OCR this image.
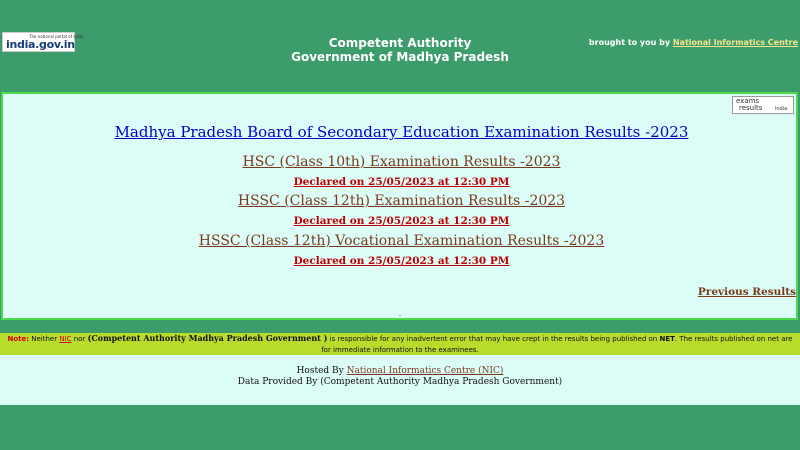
Competent Authority
Government of Madhya Pradesh
The national portal of India
india.gov.in	brought to you by National Informatics Centre
exams
results	india
Madhya Pradesh Board of Secondary Education Examination Results -2023
HSC (Class 10th) Examination Results -2023
Declared on 25/05/2023 at 12:30 PM
HSSC (Class 12th) Examination Results -2023
Declared on 25/05/2023 at 12:30 PM
HSSC (Class 12th) Vocational Examination Results -2023
Declared on 25/05/2023 at 12:30 PM
Previous Results
-
Note: Neither NIC nor (Competent Authority Madhya Pradesh Government ) is responsible for any inadvertent error that may have crept in the results being published on NET. The results published on net are
for immediate information to the examinees.
Hosted By National Informatics Centre (NIC)
Data Provided By (Competent Authority Madhya Pradesh Government)
